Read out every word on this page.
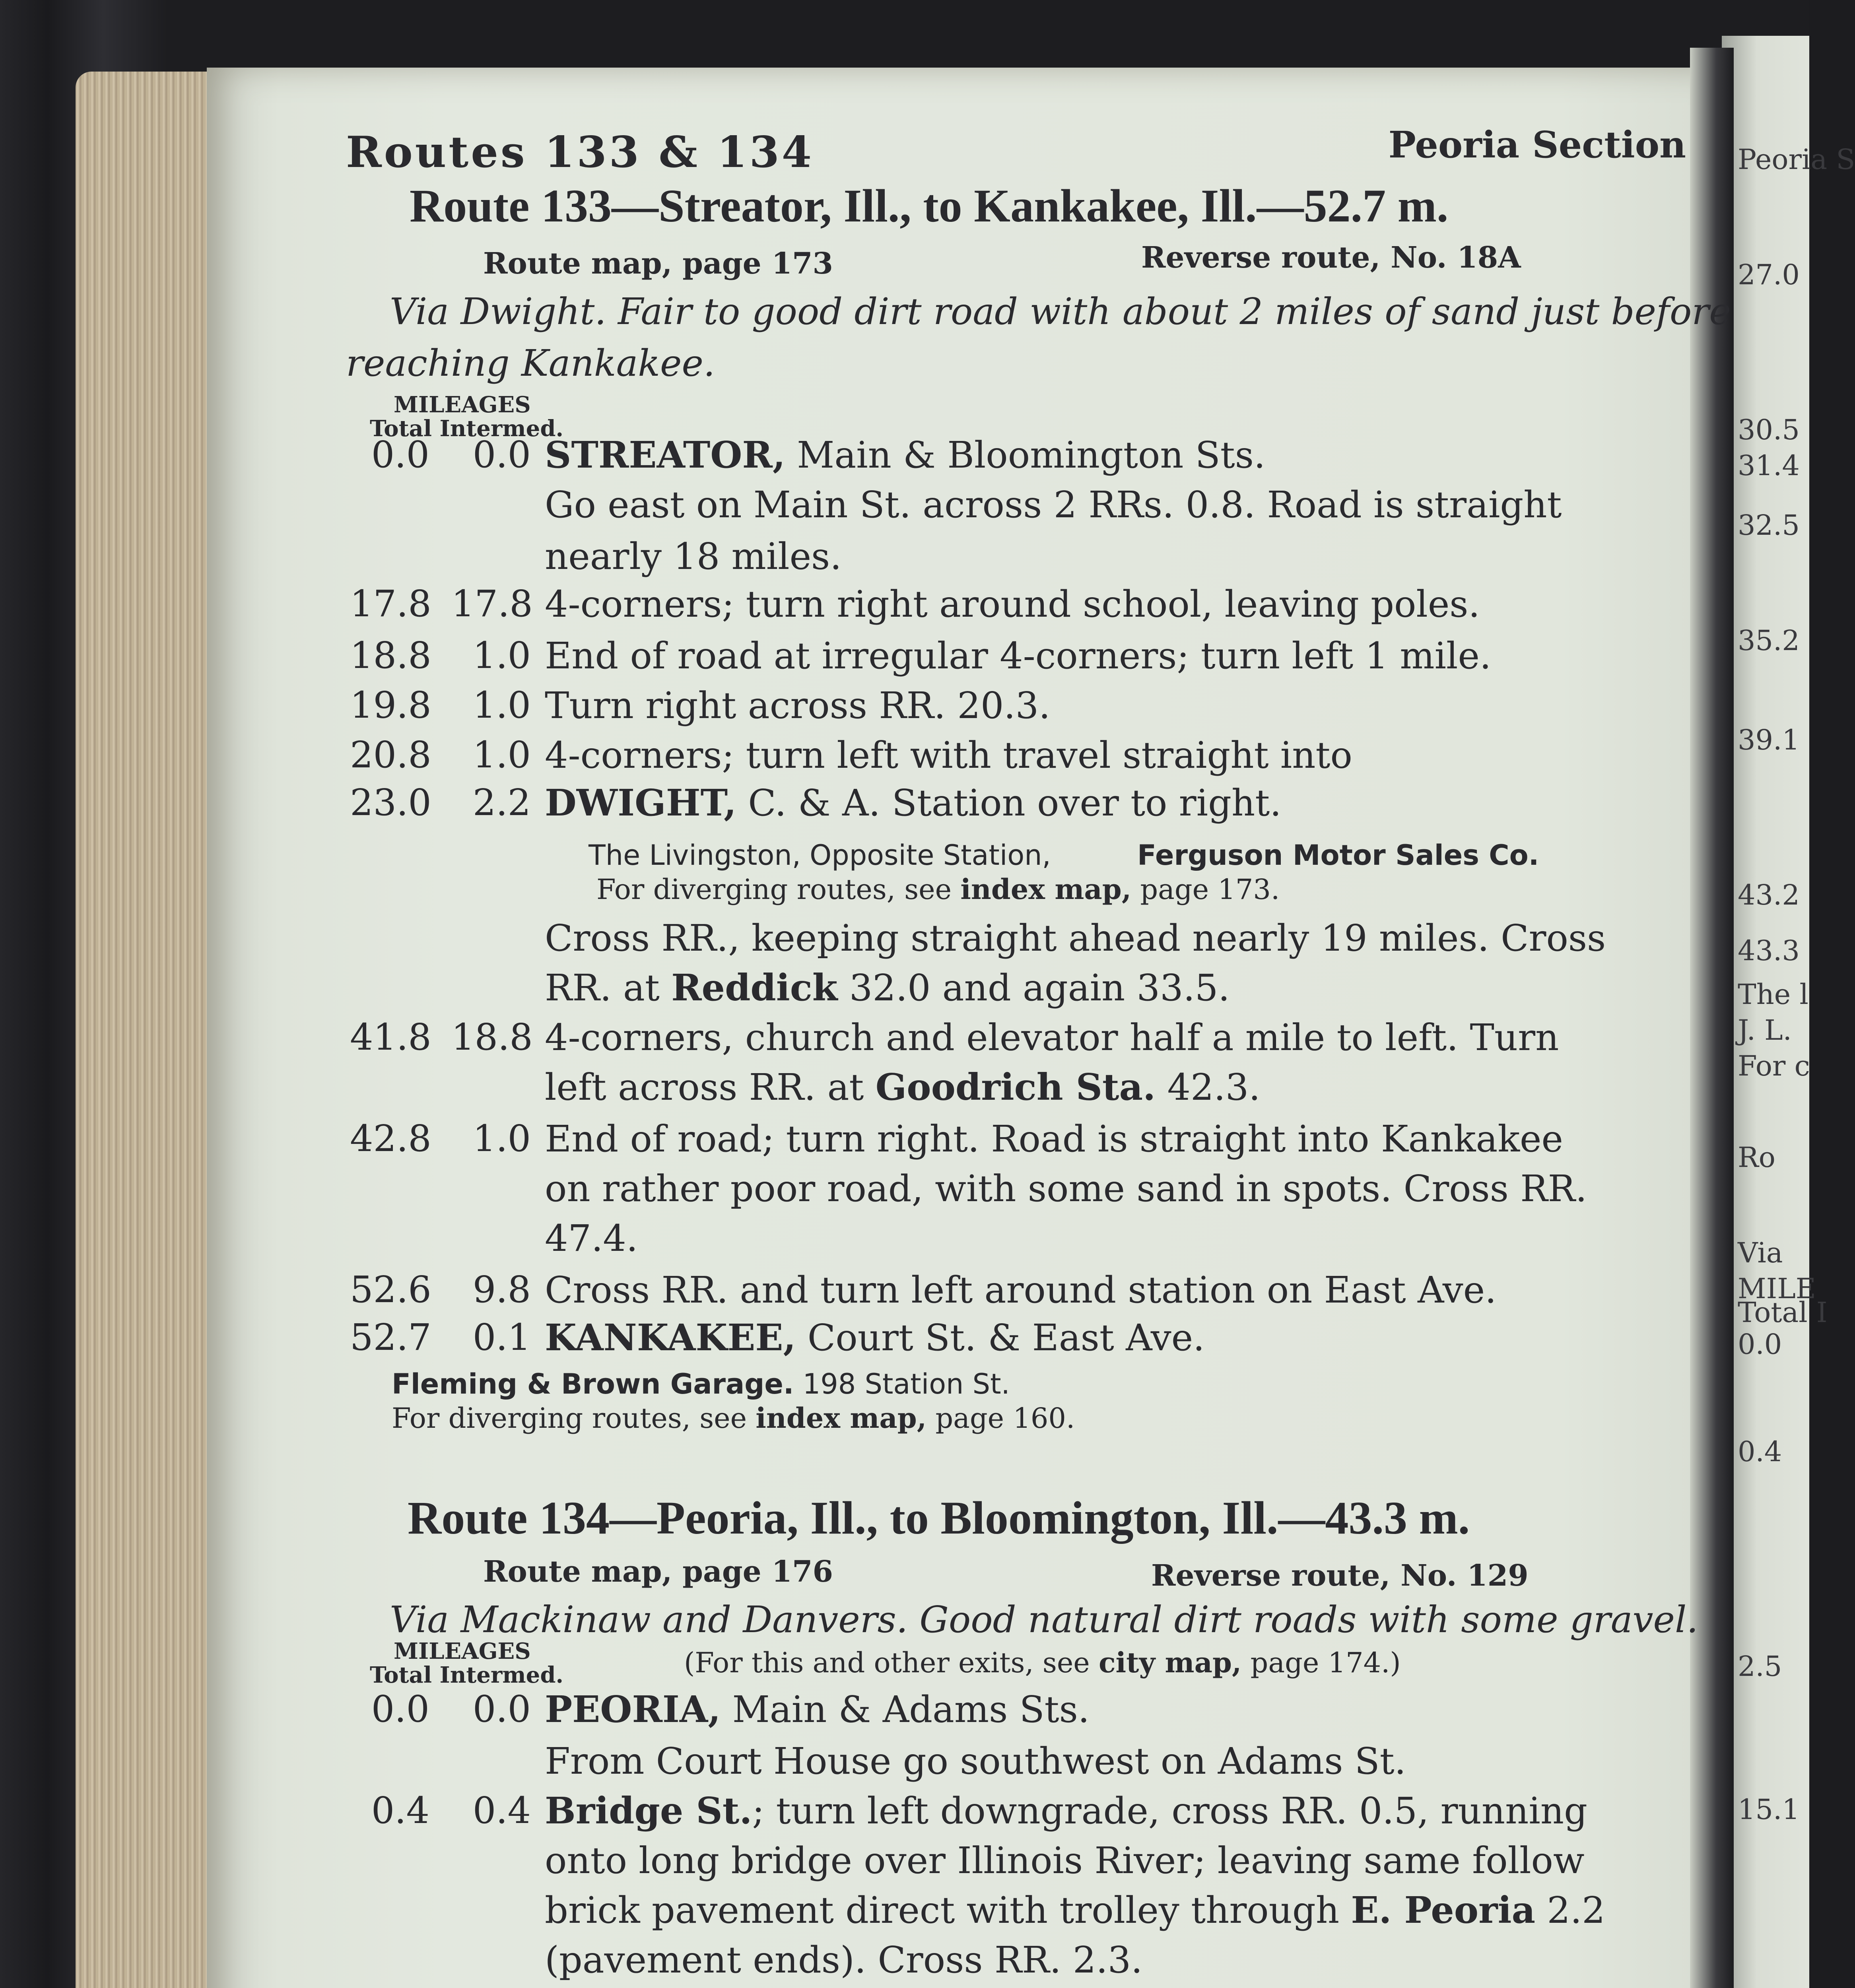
Peoria S
27.0
30.5
31.4
32.5
35.2
39.1
43.2
43.3
The l
J. L.
For c
Ro
Via
MILE
Total I
0.0
0.4
2.5
15.1
Routes 133 & 134	Peoria Section
Route 133—Streator, Ill., to Kankakee, Ill.—52.7 m.
Route map, page 173	Reverse route, No. 18A
Via Dwight. Fair to good dirt road with about 2 miles of sand just before
reaching Kankakee.
MILEAGES
Total Intermed.
0.0	0.0 STREATOR, Main & Bloomington Sts.
Go east on Main St. across 2 RRs. 0.8. Road is straight
nearly 18 miles.
17.8 17.8 4-corners; turn right around school, leaving poles.
18.8	1.0 End of road at irregular 4-corners; turn left 1 mile.
19.8	1.0 Turn right across RR. 20.3.
20.8	1.0 4-corners; turn left with travel straight into
23.0	2.2 DWIGHT, C. & A. Station over to right.
The Livingston, Opposite Station,	Ferguson Motor Sales Co.
For diverging routes, see index map, page 173.
Cross RR., keeping straight ahead nearly 19 miles. Cross
RR. at Reddick 32.0 and again 33.5.
41.8 18.8 4-corners, church and elevator half a mile to left. Turn
left across RR. at Goodrich Sta. 42.3.
42.8	1.0 End of road; turn right. Road is straight into Kankakee
on rather poor road, with some sand in spots. Cross RR.
47.4.
52.6	9.8 Cross RR. and turn left around station on East Ave.
52.7	0.1 KANKAKEE, Court St. & East Ave.
Fleming & Brown Garage. 198 Station St.
For diverging routes, see index map, page 160.
Route 134—Peoria, Ill., to Bloomington, Ill.—43.3 m.
Route map, page 176	Reverse route, No. 129
Via Mackinaw and Danvers. Good natural dirt roads with some gravel.
MILEAGES
Total Intermed.	(For this and other exits, see city map, page 174.)
0.0	0.0 PEORIA, Main & Adams Sts.
From Court House go southwest on Adams St.
0.4	0.4 Bridge St.; turn left downgrade, cross RR. 0.5, running
onto long bridge over Illinois River; leaving same follow
brick pavement direct with trolley through E. Peoria 2.2
(pavement ends). Cross RR. 2.3.
